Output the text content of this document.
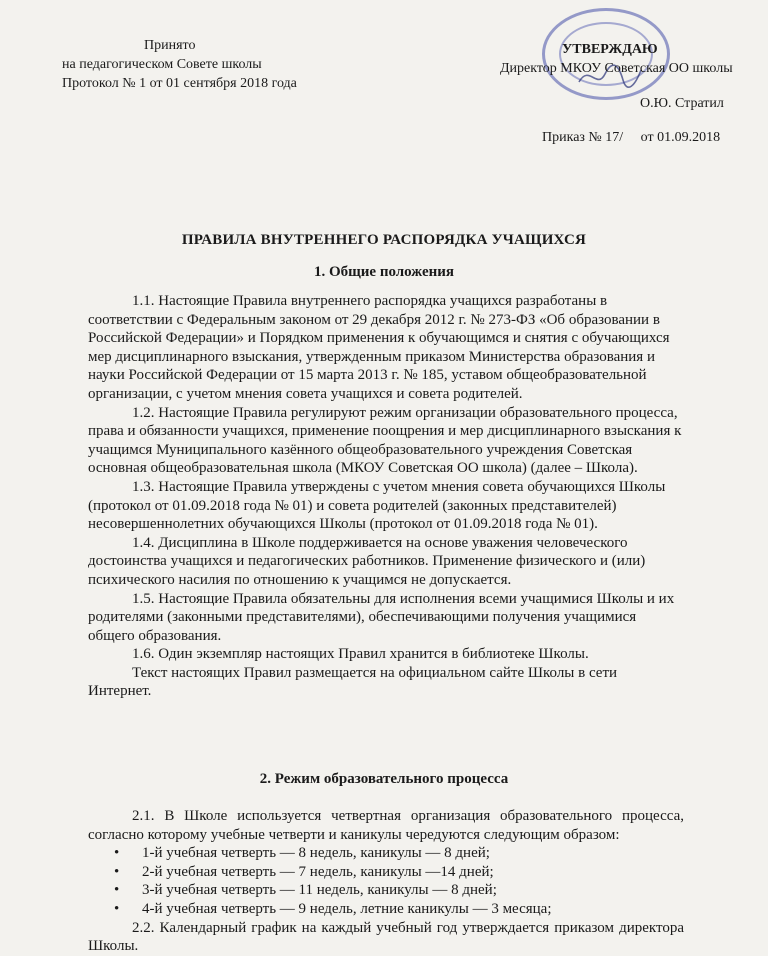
Принято
на педагогическом Совете школы
Протокол № 1 от 01 сентября 2018 года
УТВЕРЖДАЮ
Директор МКОУ Советская ОО школы
О.Ю. Стратил
Приказ № 17/     от 01.09.2018
ПРАВИЛА ВНУТРЕННЕГО РАСПОРЯДКА УЧАЩИХСЯ
1. Общие положения

1.1. Настоящие Правила внутреннего распорядка учащихся разработаны в соответствии с Федеральным законом от 29 декабря 2012 г. № 273-ФЗ «Об образовании в Российской Федерации» и Порядком применения к обучающимся и снятия с обучающихся мер дисциплинарного взыскания, утвержденным приказом Министерства образования и науки Российской Федерации от 15 марта 2013 г. № 185, уставом общеобразовательной организации, с учетом мнения совета учащихся и совета родителей.

1.2. Настоящие Правила регулируют режим организации образовательного процесса, права и обязанности учащихся, применение поощрения и мер дисциплинарного взыскания к учащимся Муниципального казённого общеобразовательного учреждения Советская основная общеобразовательная школа (МКОУ Советская ОО школа) (далее – Школа).

1.3. Настоящие Правила утверждены с учетом мнения совета обучающихся Школы (протокол от 01.09.2018 года № 01) и совета родителей (законных представителей) несовершеннолетних обучающихся Школы (протокол от 01.09.2018 года № 01).

1.4. Дисциплина в Школе поддерживается на основе уважения человеческого достоинства учащихся и педагогических работников. Применение физического и (или) психического насилия по отношению к учащимся не допускается.

1.5. Настоящие Правила обязательны для исполнения всеми учащимися Школы и их родителями (законными представителями), обеспечивающими получения учащимися общего образования.

1.6. Один экземпляр настоящих Правил хранится в библиотеке Школы.

Текст настоящих Правил размещается на официальном сайте Школы в сети Интернет.

2. Режим образовательного процесса

2.1. В Школе используется четвертная организация образовательного процесса, согласно которому учебные четверти и каникулы чередуются следующим образом:

• 1-й учебная четверть — 8 недель, каникулы — 8 дней;
• 2-й учебная четверть — 7 недель, каникулы —14 дней;
• 3-й учебная четверть — 11 недель, каникулы — 8 дней;
• 4-й учебная четверть — 9 недель, летние каникулы — 3 месяца;

2.2. Календарный график на каждый учебный год утверждается приказом директора Школы.
